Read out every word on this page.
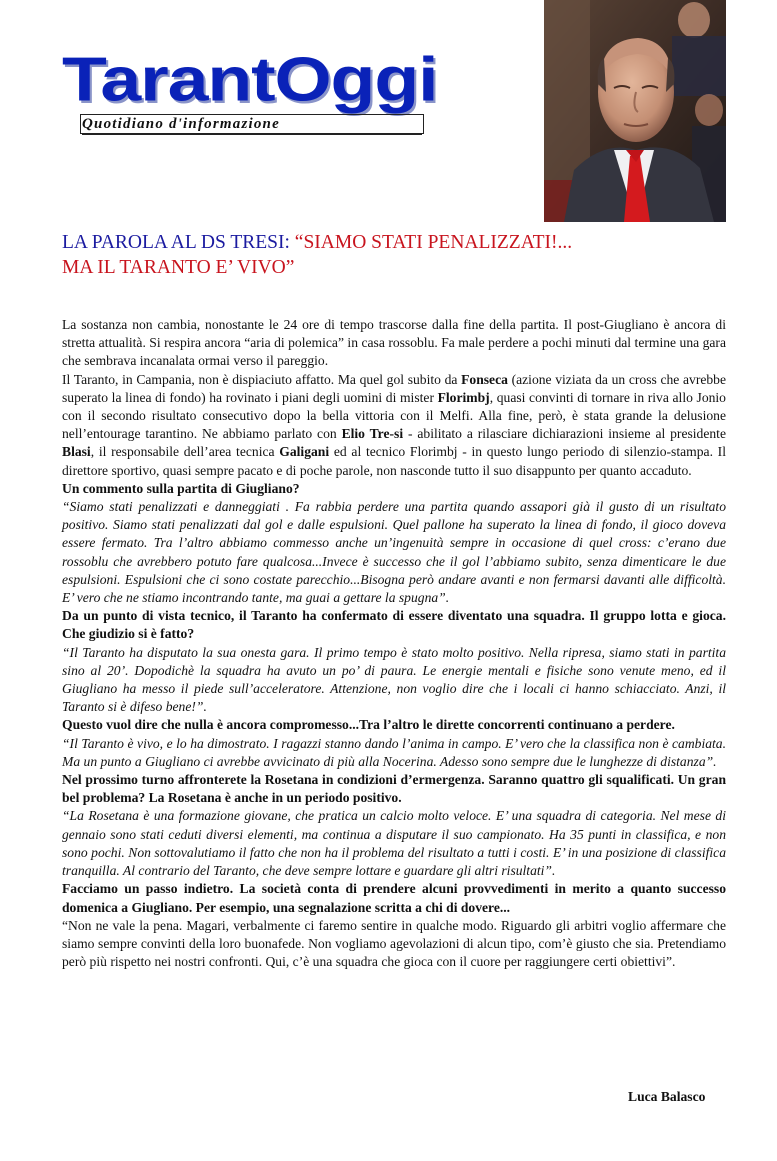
TarantOggi
Quotidiano d'informazione
LA PAROLA AL DS TRESI: “SIAMO STATI PENALIZZATI!...
MA IL TARANTO E’ VIVO”

La sostanza non cambia, nonostante le 24 ore di tempo trascorse dalla fine della partita. Il post-Giugliano è ancora di stretta attualità. Si respira ancora “aria di polemica” in casa rossoblu. Fa male perdere a pochi minuti dal termine una gara che sembrava incanalata ormai verso il pareggio.

Il Taranto, in Campania, non è dispiaciuto affatto. Ma quel gol subito da Fonseca (azione viziata da un cross che avrebbe superato la linea di fondo) ha rovinato i piani degli uomini di mister Florimbj, quasi convinti di tornare in riva allo Jonio con il secondo risultato consecutivo dopo la bella vittoria con il Melfi. Alla fine, però, è stata grande la delusione nell’entourage tarantino. Ne abbiamo parlato con Elio Tre-si - abilitato a rilasciare dichiarazioni insieme al presidente Blasi, il responsabile dell’area tecnica Galigani ed al tecnico Florimbj - in questo lungo periodo di silenzio-stampa. Il direttore sportivo, quasi sempre pacato e di poche parole, non nasconde tutto il suo disappunto per quanto accaduto.

Un commento sulla partita di Giugliano?

“Siamo stati penalizzati e danneggiati . Fa rabbia perdere una partita quando assapori già il gusto di un risultato positivo. Siamo stati penalizzati dal gol e dalle espulsioni. Quel pallone ha superato la linea di fondo, il gioco doveva essere fermato. Tra l’altro abbiamo commesso anche un’ingenuità sempre in occasione di quel cross: c’erano due rossoblu che avrebbero potuto fare qualcosa...Invece è successo che il gol l’abbiamo subito, senza dimenticare le due espulsioni. Espulsioni che ci sono costate parecchio...Bisogna però andare avanti e non fermarsi davanti alle difficoltà. E’ vero che ne stiamo incontrando tante, ma guai a gettare la spugna”.

Da un punto di vista tecnico, il Taranto ha confermato di essere diventato una squadra. Il gruppo lotta e gioca. Che giudizio si è fatto?

“Il Taranto ha disputato la sua onesta gara. Il primo tempo è stato molto positivo. Nella ripresa, siamo stati in partita sino al 20’. Dopodichè la squadra ha avuto un po’ di paura. Le energie mentali e fisiche sono venute meno, ed il Giugliano ha messo il piede sull’acceleratore. Attenzione, non voglio dire che i locali ci hanno schiacciato. Anzi, il Taranto si è difeso bene!”.

Questo vuol dire che nulla è ancora compromesso...Tra l’altro le dirette concorrenti continuano a perdere.

“Il Taranto è vivo, e lo ha dimostrato. I ragazzi stanno dando l’anima in campo. E’ vero che la classifica non è cambiata. Ma un punto a Giugliano ci avrebbe avvicinato di più alla Nocerina. Adesso sono sempre due le lunghezze di distanza”.

Nel prossimo turno affronterete la Rosetana in condizioni d’ermergenza. Saranno quattro gli squalificati. Un gran bel problema? La Rosetana è anche in un periodo positivo.

“La Rosetana è una formazione giovane, che pratica un calcio molto veloce. E’ una squadra di categoria. Nel mese di gennaio sono stati ceduti diversi elementi, ma continua a disputare il suo campionato. Ha 35 punti in classifica, e non sono pochi. Non sottovalutiamo il fatto che non ha il problema del risultato a tutti i costi. E’ in una posizione di classifica tranquilla. Al contrario del Taranto, che deve sempre lottare e guardare gli altri risultati”.

Facciamo un passo indietro. La società conta di prendere alcuni provvedimenti in merito a quanto successo domenica a Giugliano. Per esempio, una segnalazione scritta a chi di dovere...

“Non ne vale la pena. Magari, verbalmente ci faremo sentire in qualche modo. Riguardo gli arbitri voglio affermare che siamo sempre convinti della loro buonafede. Non vogliamo agevolazioni di alcun tipo, com’è giusto che sia. Pretendiamo però più rispetto nei nostri confronti. Qui, c’è una squadra che gioca con il cuore per raggiungere certi obiettivi”.

Luca Balasco
